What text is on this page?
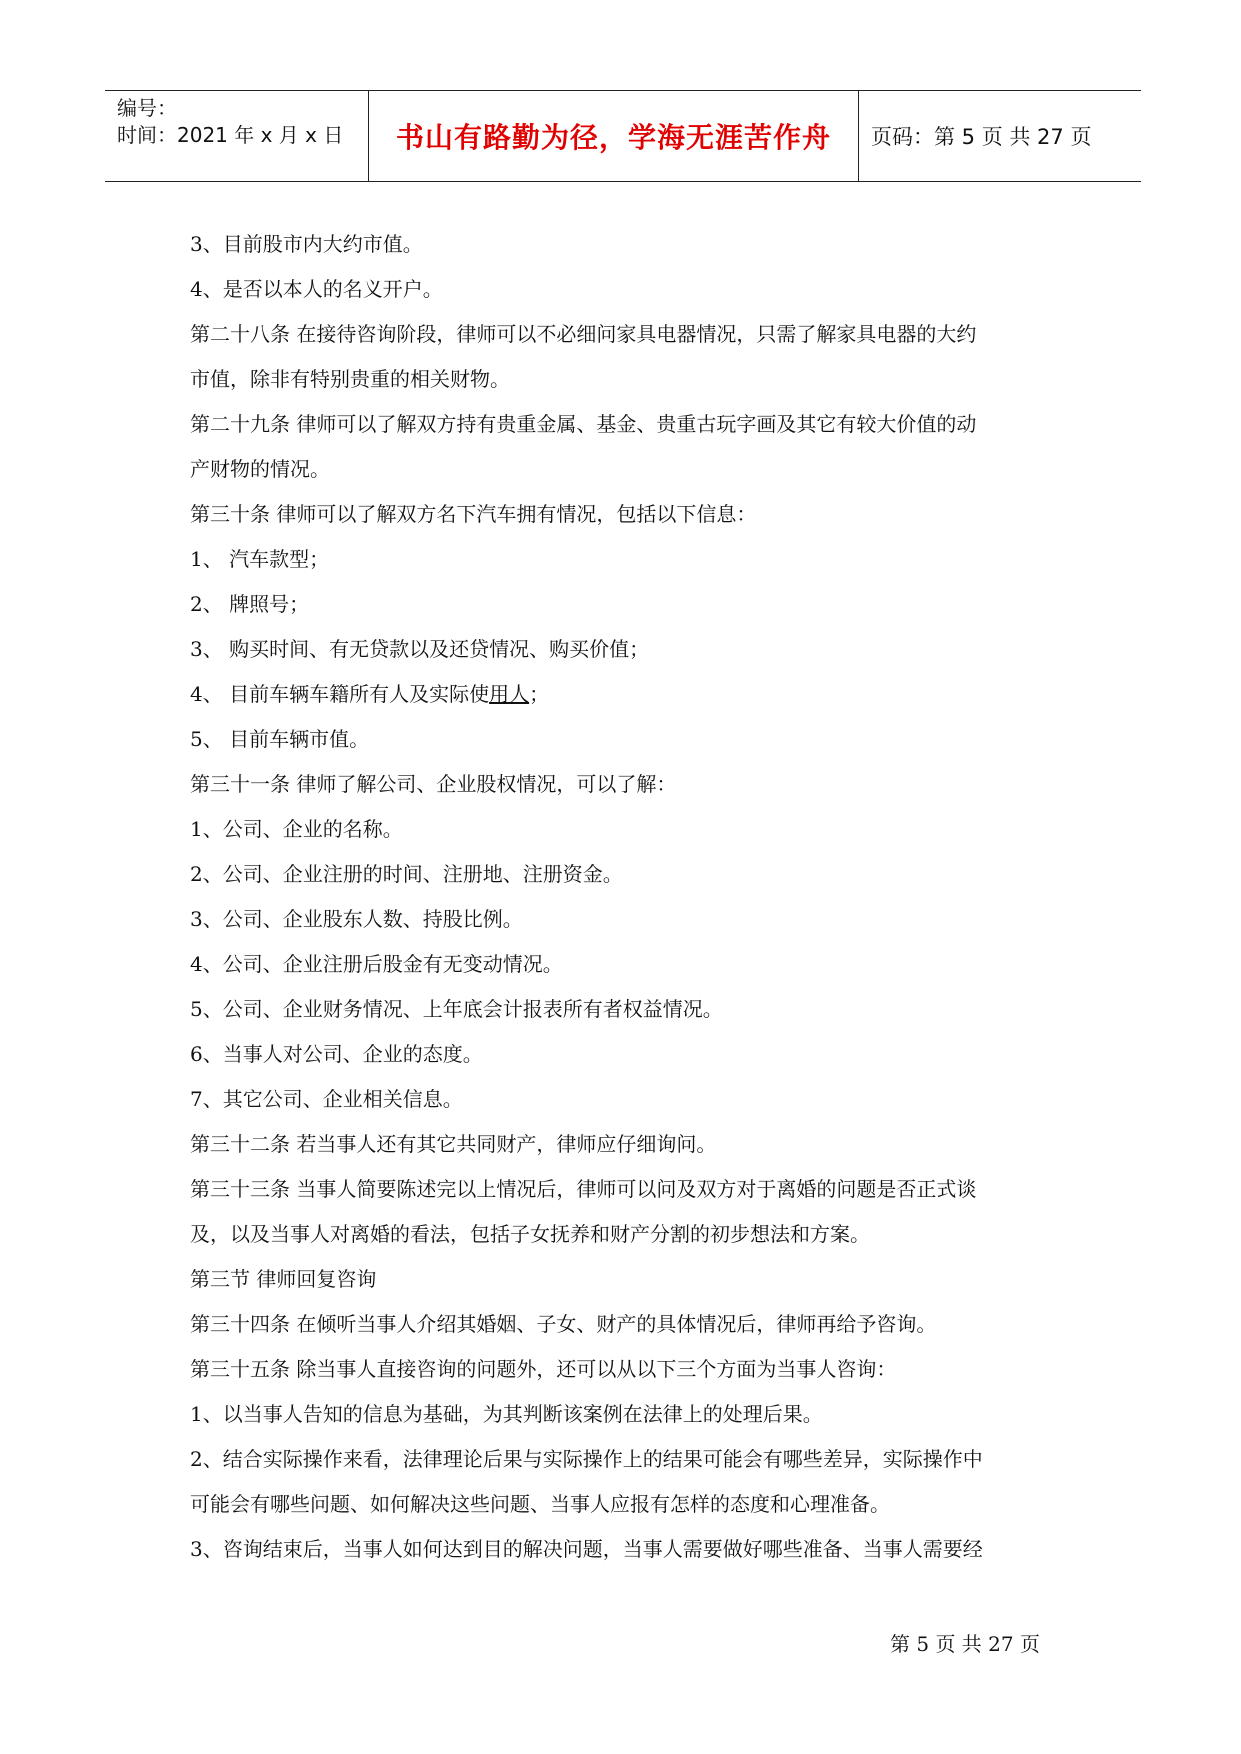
编号：
时间：2021 年 x 月 x 日	书山有路勤为径，学海无涯苦作舟	页码：第 5 页 共 27 页
3、目前股市内大约市值。
4、是否以本人的名义开户。
第二十八条 在接待咨询阶段，律师可以不必细问家具电器情况，只需了解家具电器的大约
市值，除非有特别贵重的相关财物。
第二十九条 律师可以了解双方持有贵重金属、基金、贵重古玩字画及其它有较大价值的动
产财物的情况。
第三十条 律师可以了解双方名下汽车拥有情况，包括以下信息：
1、 汽车款型；
2、 牌照号；
3、 购买时间、有无贷款以及还贷情况、购买价值；
4、 目前车辆车籍所有人及实际使用人；
5、 目前车辆市值。
第三十一条 律师了解公司、企业股权情况，可以了解：
1、公司、企业的名称。
2、公司、企业注册的时间、注册地、注册资金。
3、公司、企业股东人数、持股比例。
4、公司、企业注册后股金有无变动情况。
5、公司、企业财务情况、上年底会计报表所有者权益情况。
6、当事人对公司、企业的态度。
7、其它公司、企业相关信息。
第三十二条 若当事人还有其它共同财产，律师应仔细询问。
第三十三条 当事人简要陈述完以上情况后，律师可以问及双方对于离婚的问题是否正式谈
及，以及当事人对离婚的看法，包括子女抚养和财产分割的初步想法和方案。
第三节 律师回复咨询
第三十四条 在倾听当事人介绍其婚姻、子女、财产的具体情况后，律师再给予咨询。
第三十五条 除当事人直接咨询的问题外，还可以从以下三个方面为当事人咨询：
1、以当事人告知的信息为基础，为其判断该案例在法律上的处理后果。
2、结合实际操作来看，法律理论后果与实际操作上的结果可能会有哪些差异，实际操作中
可能会有哪些问题、如何解决这些问题、当事人应报有怎样的态度和心理准备。
3、咨询结束后，当事人如何达到目的解决问题，当事人需要做好哪些准备、当事人需要经
第 5 页 共 27 页
